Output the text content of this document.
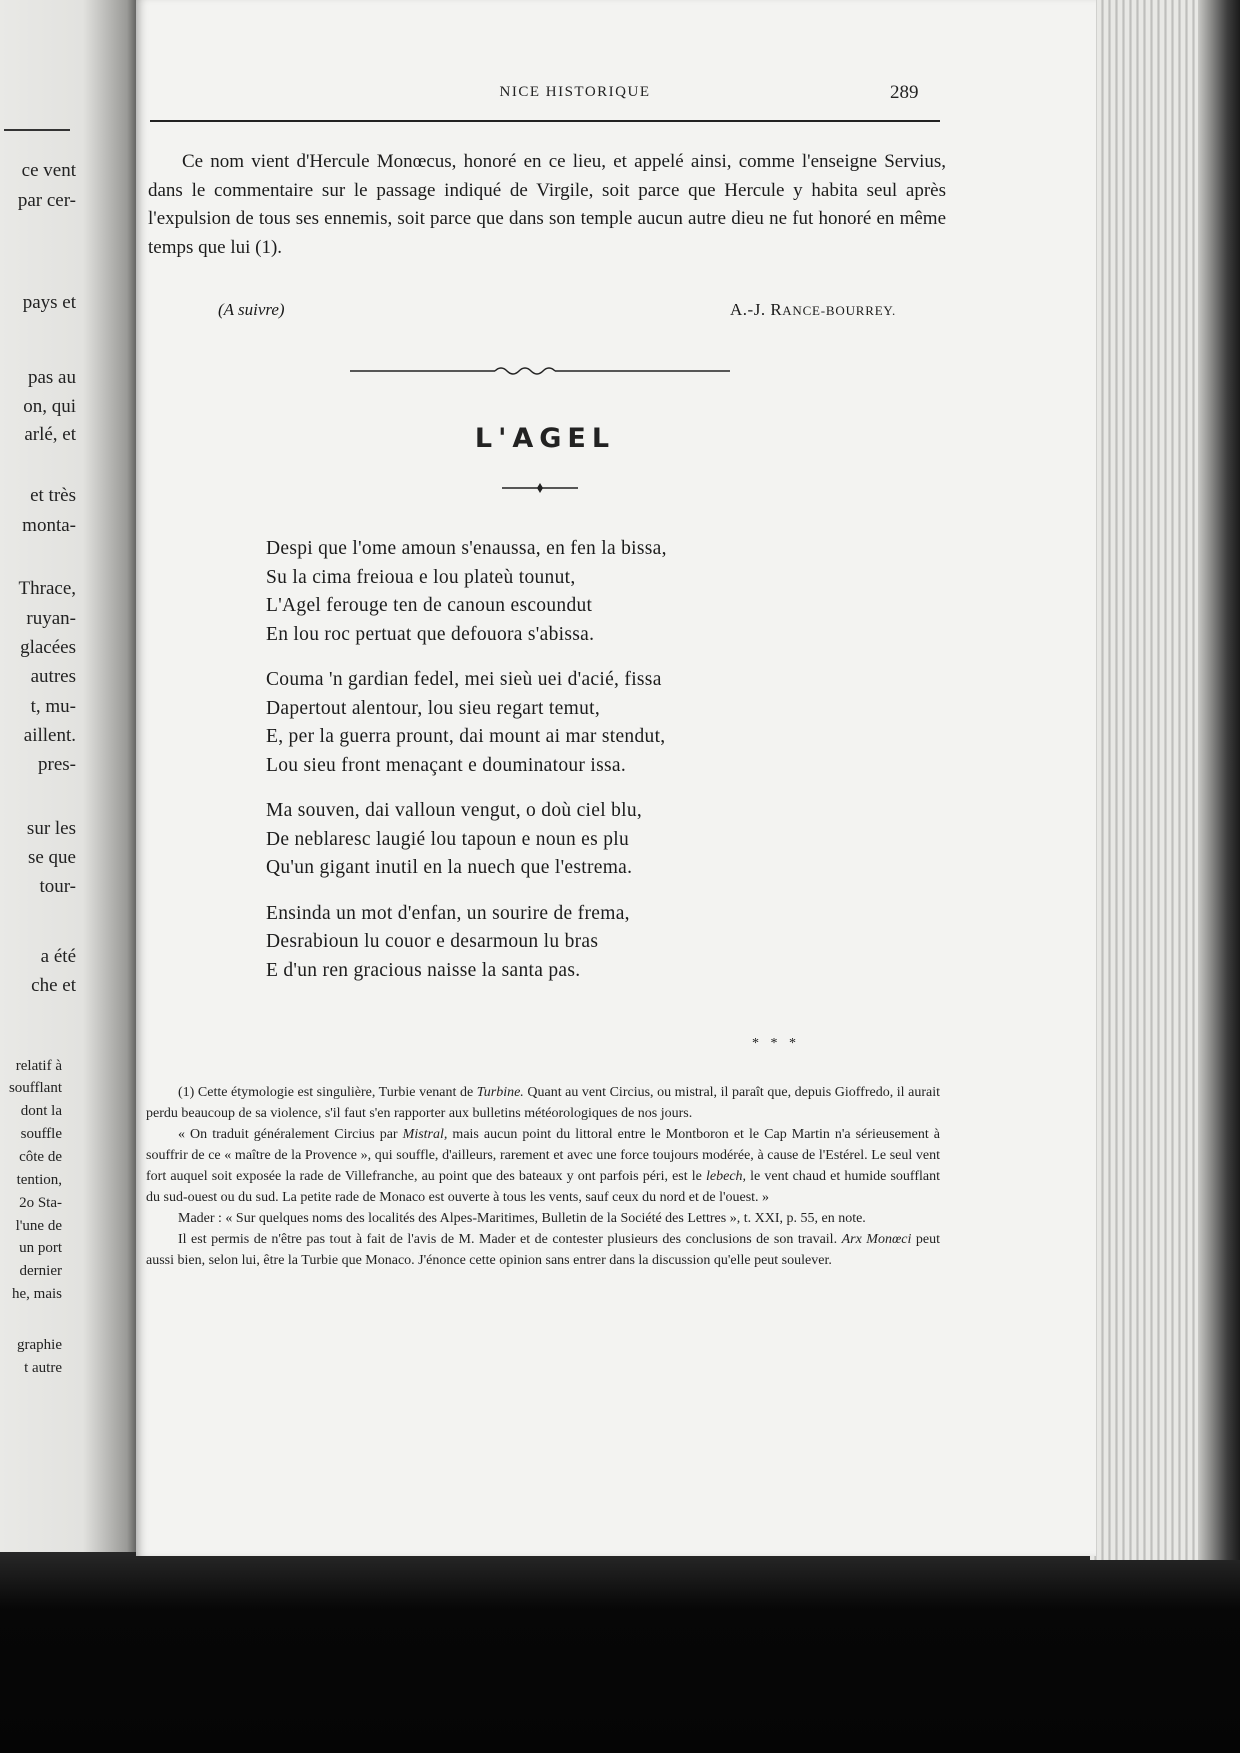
ce vent
par cer-
pays et
pas au
on, qui
arlé, et
et très
monta-
Thrace,
ruyan-
glacées
autres
t, mu-
aillent.
pres-
sur les
se que
tour-
a été
che et
relatif à
soufflant
dont la
souffle
côte de
tention,
2o Sta-
l'une de
un port
dernier
he, mais
graphie
t autre
NICE HISTORIQUE	289

Ce nom vient d'Hercule Monœcus, honoré en ce lieu, et appelé ainsi, comme l'enseigne Servius, dans le commentaire sur le passage indiqué de Virgile, soit parce que Hercule y habita seul après l'expulsion de tous ses ennemis, soit parce que dans son temple aucun autre dieu ne fut honoré en même temps que lui (1).

(A suivre)	A.-J. RANCE-BOURREY.
L'AGEL
Despi que l'ome amoun s'enaussa, en fen la bissa,
Su la cima freioua e lou plateù tounut,
L'Agel ferouge ten de canoun escoundut
En lou roc pertuat que defouora s'abissa.
Couma 'n gardian fedel, mei sieù uei d'acié, fissa
Dapertout alentour, lou sieu regart temut,
E, per la guerra prount, dai mount ai mar stendut,
Lou sieu front menaçant e douminatour issa.
Ma souven, dai valloun vengut, o doù ciel blu,
De neblaresc laugié lou tapoun e noun es plu
Qu'un gigant inutil en la nuech que l'estrema.
Ensinda un mot d'enfan, un sourire de frema,
Desrabioun lu couor e desarmoun lu bras
E d'un ren gracious naisse la santa pas.
* * *

(1) Cette étymologie est singulière, Turbie venant de Turbine. Quant au vent Circius, ou mistral, il paraît que, depuis Gioffredo, il aurait perdu beaucoup de sa violence, s'il faut s'en rapporter aux bulletins météorologiques de nos jours.

« On traduit généralement Circius par Mistral, mais aucun point du littoral entre le Montboron et le Cap Martin n'a sérieusement à souffrir de ce « maître de la Provence », qui souffle, d'ailleurs, rarement et avec une force toujours modérée, à cause de l'Estérel. Le seul vent fort auquel soit exposée la rade de Villefranche, au point que des bateaux y ont parfois péri, est le lebech, le vent chaud et humide soufflant du sud-ouest ou du sud. La petite rade de Monaco est ouverte à tous les vents, sauf ceux du nord et de l'ouest. »

Mader : « Sur quelques noms des localités des Alpes-Maritimes, Bulletin de la Société des Lettres », t. XXI, p. 55, en note.

Il est permis de n'être pas tout à fait de l'avis de M. Mader et de contester plusieurs des conclusions de son travail. Arx Monœci peut aussi bien, selon lui, être la Turbie que Monaco. J'énonce cette opinion sans entrer dans la discussion qu'elle peut soulever.
